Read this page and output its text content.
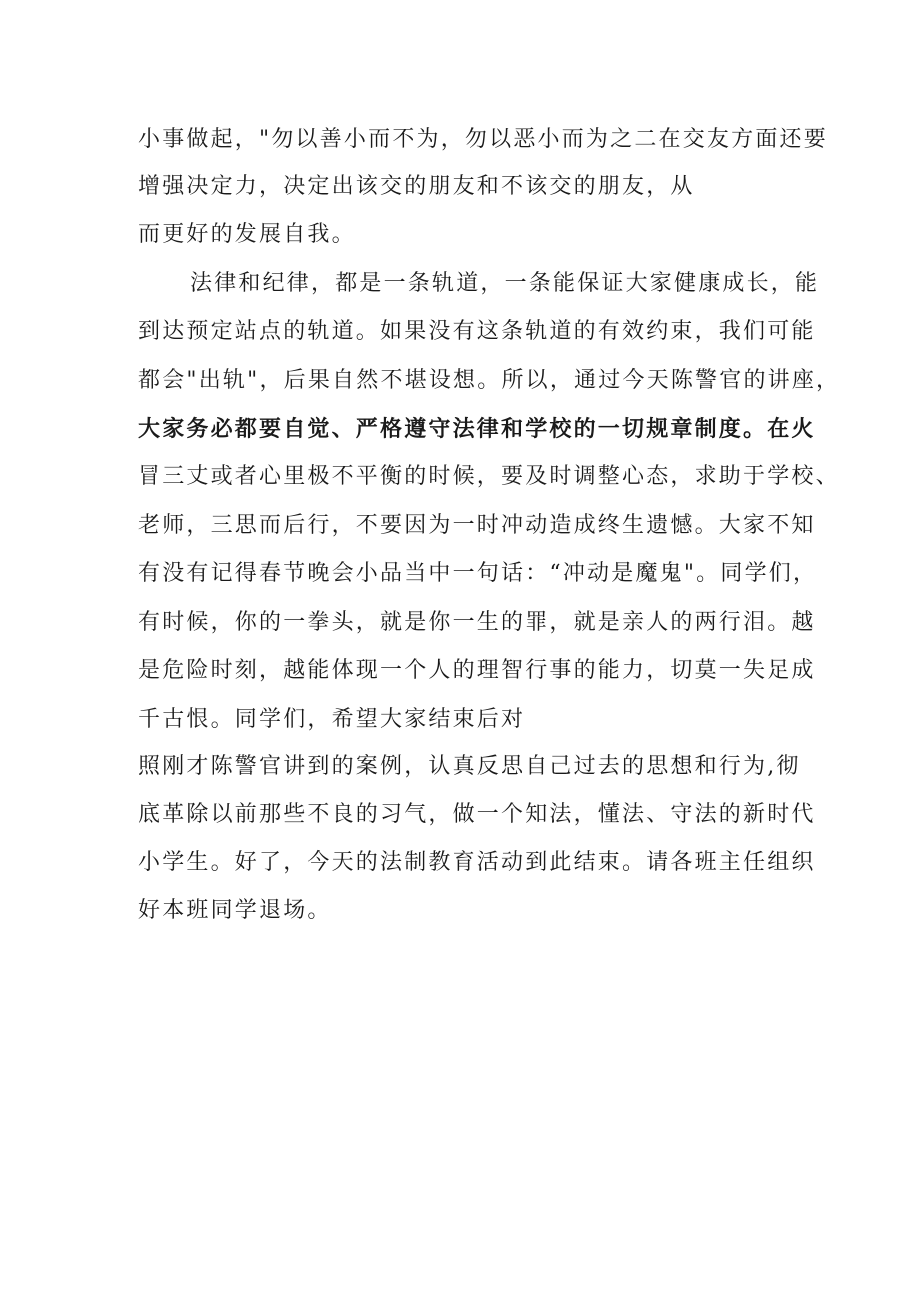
小事做起，"勿以善小而不为，勿以恶小而为之二在交友方面还要
增强决定力，决定出该交的朋友和不该交的朋友，从
而更好的发展自我。
法律和纪律，都是一条轨道，一条能保证大家健康成长，能
到达预定站点的轨道。如果没有这条轨道的有效约束，我们可能
都会"出轨"，后果自然不堪设想。所以，通过今天陈警官的讲座，
大家务必都要自觉、严格遵守法律和学校的一切规章制度。在火
冒三丈或者心里极不平衡的时候，要及时调整心态，求助于学校、
老师，三思而后行，不要因为一时冲动造成终生遗憾。大家不知
有没有记得春节晚会小品当中一句话：“冲动是魔鬼"。同学们，
有时候，你的一拳头，就是你一生的罪，就是亲人的两行泪。越
是危险时刻，越能体现一个人的理智行事的能力，切莫一失足成
千古恨。同学们，希望大家结束后对
照刚才陈警官讲到的案例，认真反思自己过去的思想和行为,彻
底革除以前那些不良的习气，做一个知法，懂法、守法的新时代
小学生。好了，今天的法制教育活动到此结束。请各班主任组织
好本班同学退场。
